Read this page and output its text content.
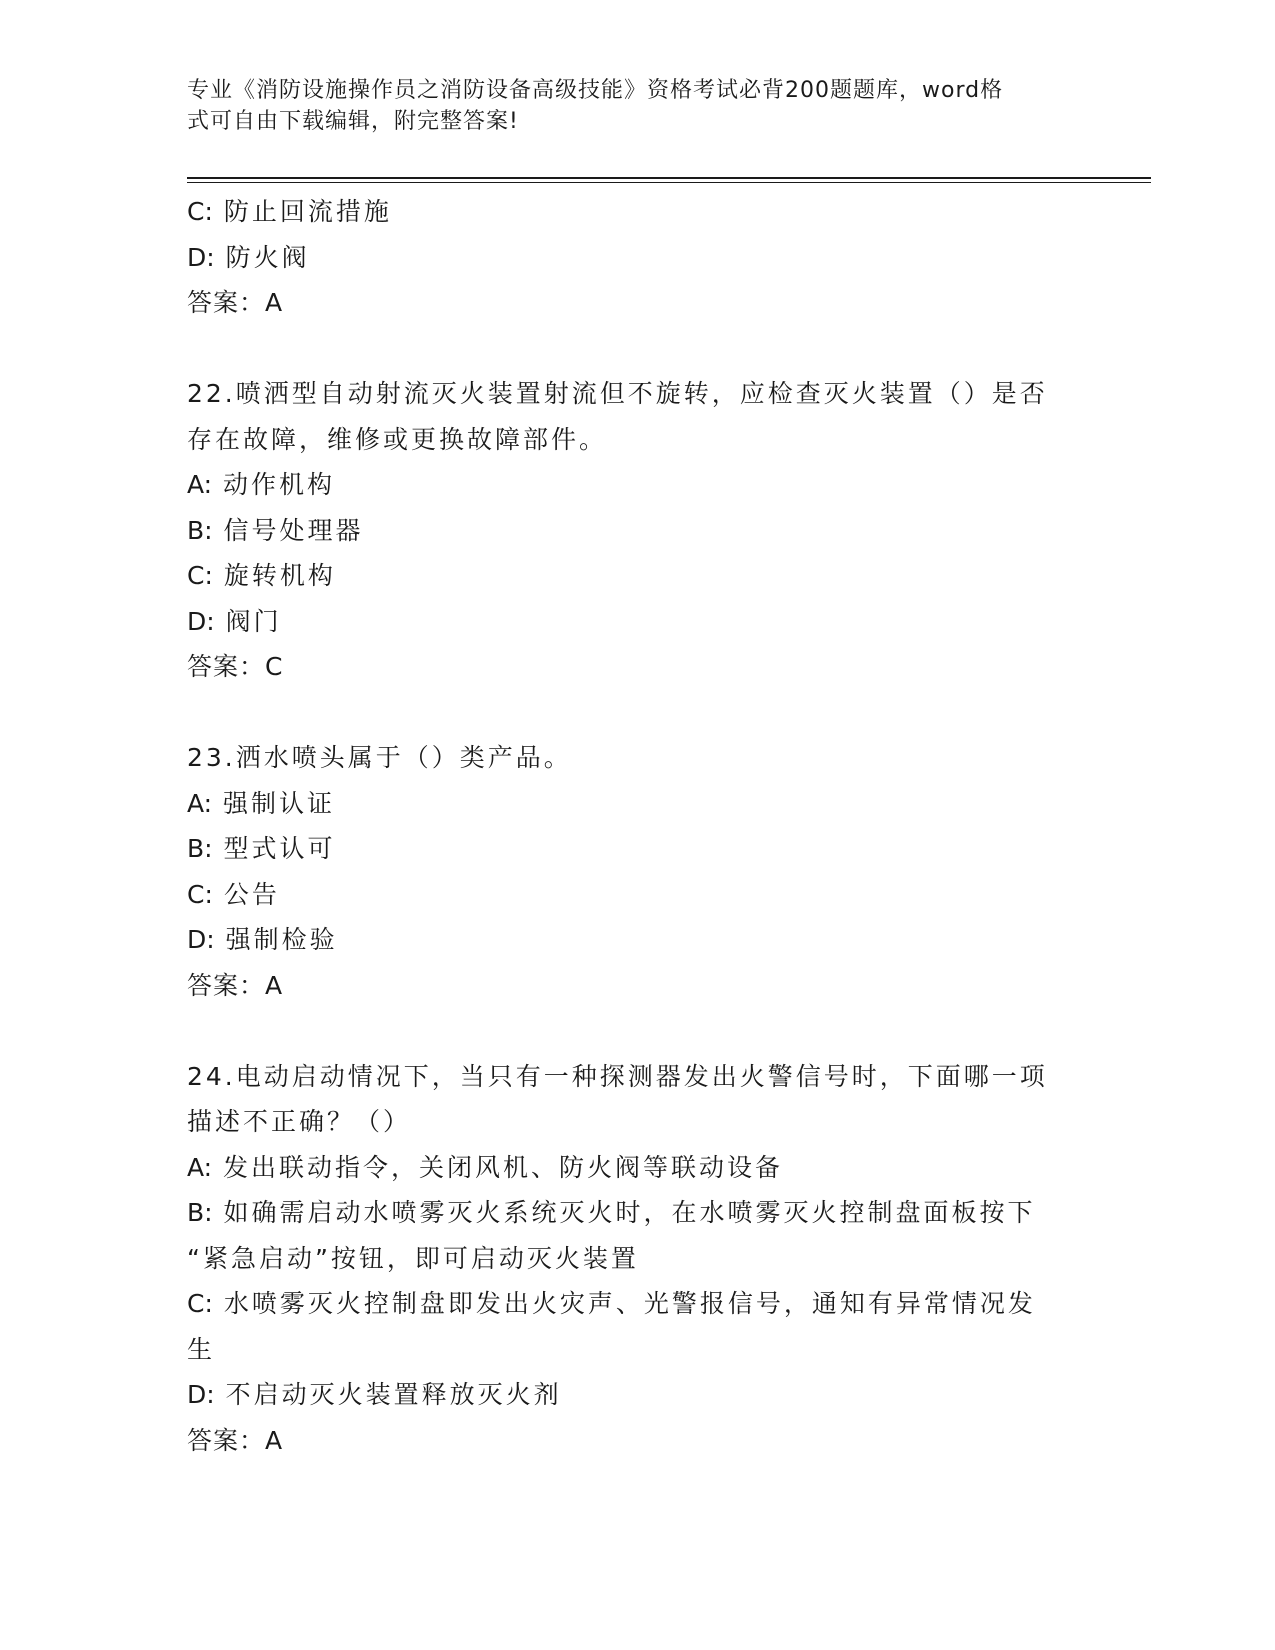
专业《消防设施操作员之消防设备高级技能》资格考试必背200题题库，word格
式可自由下载编辑，附完整答案!
C: 防止回流措施
D: 防火阀
答案：A
22.喷洒型自动射流灭火装置射流但不旋转，应检查灭火装置（）是否
存在故障，维修或更换故障部件。
A: 动作机构
B: 信号处理器
C: 旋转机构
D: 阀门
答案：C
23.洒水喷头属于（）类产品。
A: 强制认证
B: 型式认可
C: 公告
D: 强制检验
答案：A
24.电动启动情况下，当只有一种探测器发出火警信号时，下面哪一项
描述不正确？（）
A: 发出联动指令，关闭风机、防火阀等联动设备
B: 如确需启动水喷雾灭火系统灭火时，在水喷雾灭火控制盘面板按下
“紧急启动”按钮，即可启动灭火装置
C: 水喷雾灭火控制盘即发出火灾声、光警报信号，通知有异常情况发
生
D: 不启动灭火装置释放灭火剂
答案：A
